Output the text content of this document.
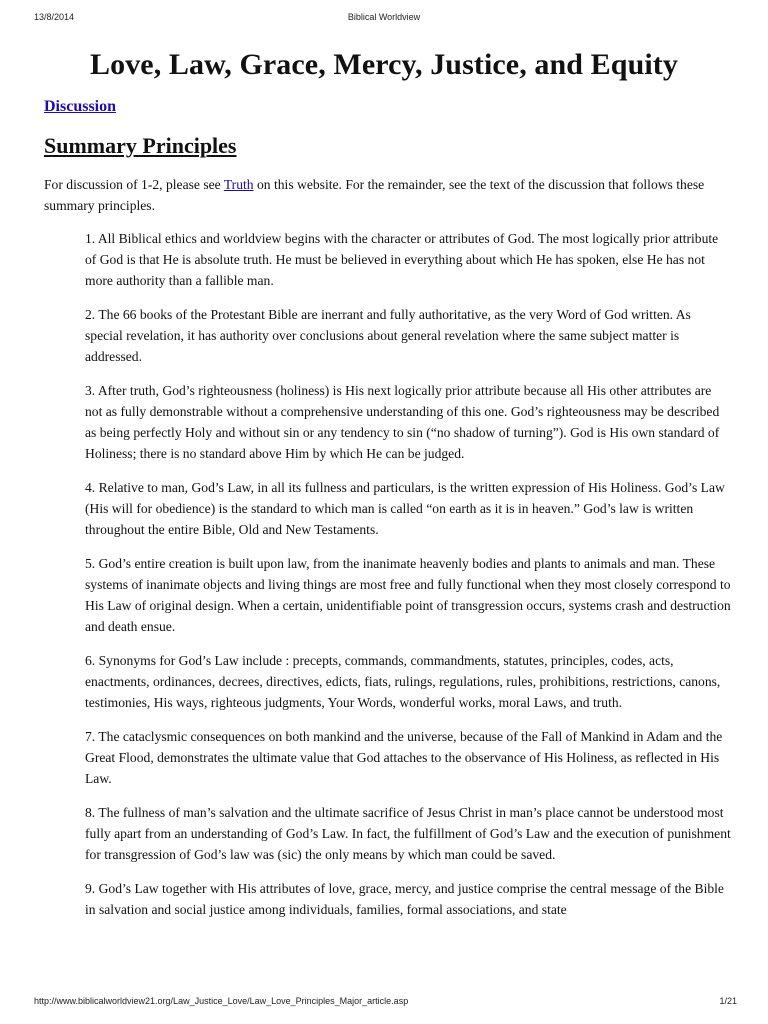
13/8/2014	Biblical Worldview
Love, Law, Grace, Mercy, Justice, and Equity
Discussion
Summary Principles

For discussion of 1-2, please see Truth on this website. For the remainder, see the text of the discussion that follows these summary principles.

1. All Biblical ethics and worldview begins with the character or attributes of God. The most logically prior attribute of God is that He is absolute truth. He must be believed in everything about which He has spoken, else He has not more authority than a fallible man.
2. The 66 books of the Protestant Bible are inerrant and fully authoritative, as the very Word of God written. As special revelation, it has authority over conclusions about general revelation where the same subject matter is addressed.
3. After truth, God’s righteousness (holiness) is His next logically prior attribute because all His other attributes are not as fully demonstrable without a comprehensive understanding of this one. God’s righteousness may be described as being perfectly Holy and without sin or any tendency to sin (“no shadow of turning”). God is His own standard of Holiness; there is no standard above Him by which He can be judged.
4. Relative to man, God’s Law, in all its fullness and particulars, is the written expression of His Holiness. God’s Law (His will for obedience) is the standard to which man is called “on earth as it is in heaven.” God’s law is written throughout the entire Bible, Old and New Testaments.
5. God’s entire creation is built upon law, from the inanimate heavenly bodies and plants to animals and man. These systems of inanimate objects and living things are most free and fully functional when they most closely correspond to His Law of original design. When a certain, unidentifiable point of transgression occurs, systems crash and destruction and death ensue.
6. Synonyms for God’s Law include : precepts, commands, commandments, statutes, principles, codes, acts, enactments, ordinances, decrees, directives, edicts, fiats, rulings, regulations, rules, prohibitions, restrictions, canons, testimonies, His ways, righteous judgments, Your Words, wonderful works, moral Laws, and truth.
7. The cataclysmic consequences on both mankind and the universe, because of the Fall of Mankind in Adam and the Great Flood, demonstrates the ultimate value that God attaches to the observance of His Holiness, as reflected in His Law.
8. The fullness of man’s salvation and the ultimate sacrifice of Jesus Christ in man’s place cannot be understood most fully apart from an understanding of God’s Law. In fact, the fulfillment of God’s Law and the execution of punishment for transgression of God’s law was (sic) the only means by which man could be saved.
9. God’s Law together with His attributes of love, grace, mercy, and justice comprise the central message of the Bible in salvation and social justice among individuals, families, formal associations, and state
http://www.biblicalworldview21.org/Law_Justice_Love/Law_Love_Principles_Major_article.asp	1/21
